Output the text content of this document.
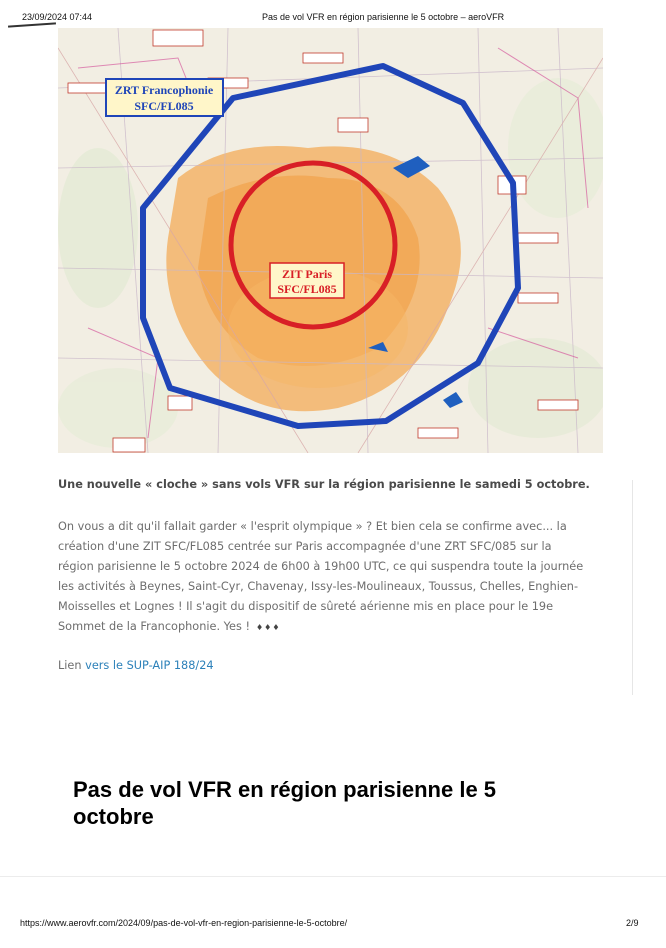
23/09/2024 07:44	Pas de vol VFR en région parisienne le 5 octobre – aeroVFR
ZRT Francophonie
SFC/FL085
ZIT Paris
SFC/FL085
Une nouvelle « cloche » sans vols VFR sur la région parisienne le samedi 5 octobre.
On vous a dit qu'il fallait garder « l'esprit olympique » ? Et bien cela se confirme avec... la
création d'une ZIT SFC/FL085 centrée sur Paris accompagnée d'une ZRT SFC/085 sur la
région parisienne le 5 octobre 2024 de 6h00 à 19h00 UTC, ce qui suspendra toute la journée
les activités à Beynes, Saint-Cyr, Chavenay, Issy-les-Moulineaux, Toussus, Chelles, Enghien-
Moisselles et Lognes ! Il s'agit du dispositif de sûreté aérienne mis en place pour le 19e
Sommet de la Francophonie. Yes ! ♦♦♦
Lien vers le SUP-AIP 188/24
Pas de vol VFR en région parisienne le 5
octobre
https://www.aerovfr.com/2024/09/pas-de-vol-vfr-en-region-parisienne-le-5-octobre/	2/9
